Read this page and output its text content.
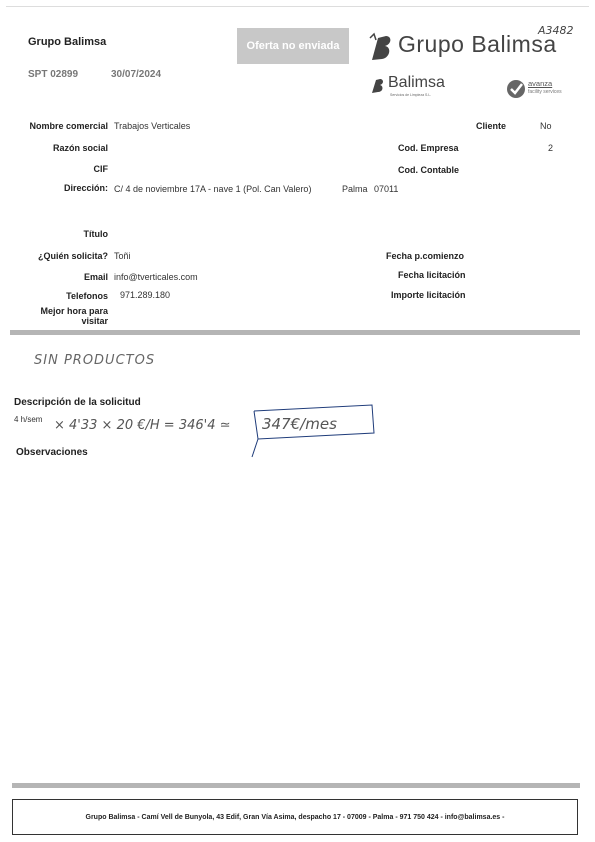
Grupo Balimsa
SPT 02899	30/07/2024
Oferta no enviada	Grupo Balimsa
A3482
Balimsa
Servicios de Limpieza S.L.
avanza
facility services
Nombre comercial Trabajos Verticales
Razón social
CIF
Dirección: C/ 4 de noviembre 17A - nave 1 (Pol. Can Valero)	Palma 07011
Cliente	No
Cod. Empresa	2
Cod. Contable
Título
¿Quién solicita? Toñi
Email info@tverticales.com
Telefonos 971.289.180
Mejor hora para
visitar
Fecha p.comienzo
Fecha licitación
Importe licitación
SIN PRODUCTOS
Descripción de la solicitud
4 h/sem × 4'33 × 20 €/H = 346'4 ≃ 347€/mes
Observaciones
Grupo Balimsa - Camí Vell de Bunyola, 43 Edif, Gran Vía Asima, despacho 17 - 07009 - Palma - 971 750 424 - info@balimsa.es -
